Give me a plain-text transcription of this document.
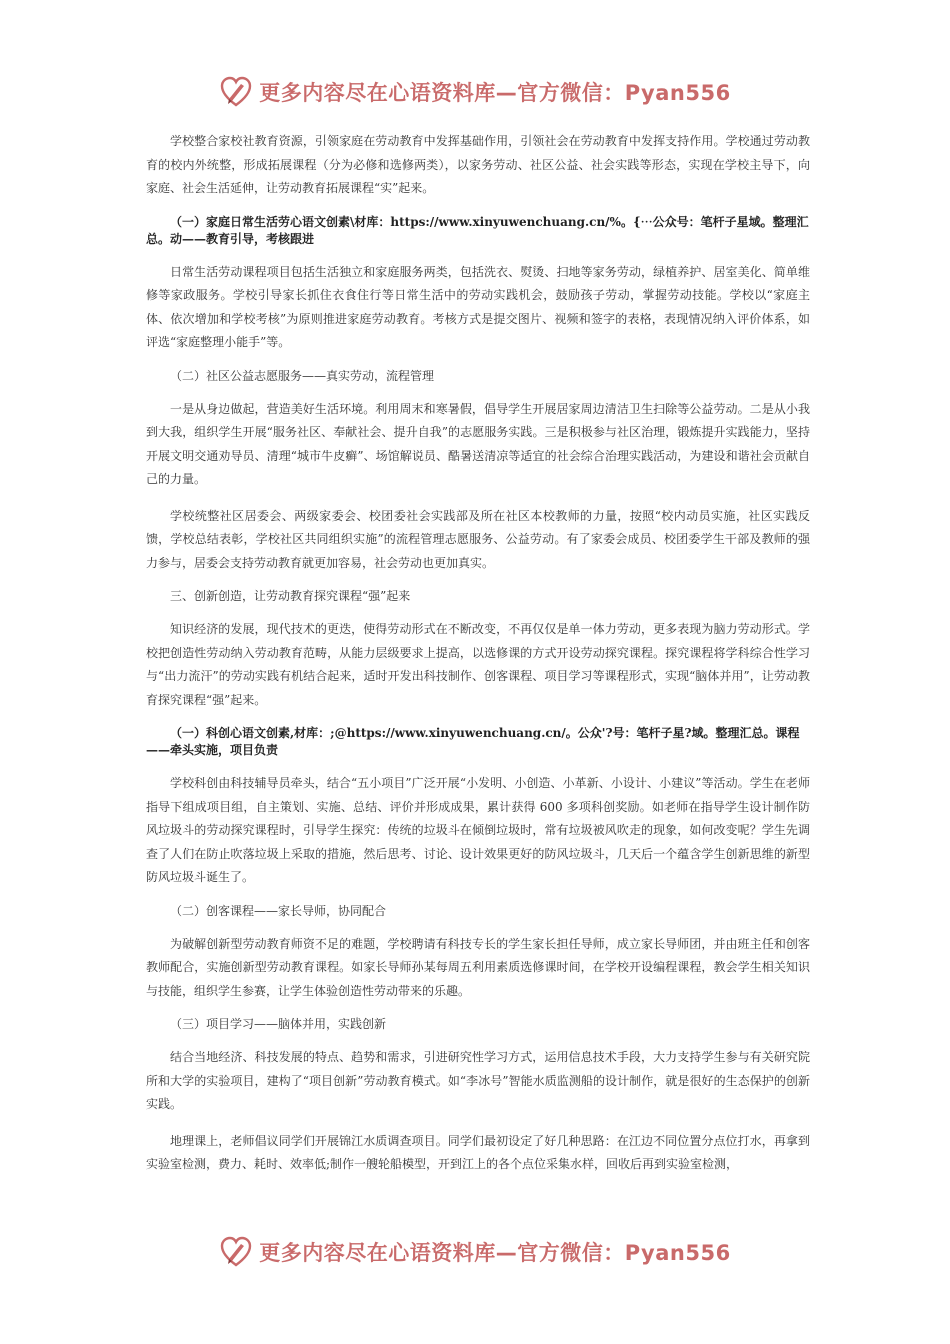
更多内容尽在心语资料库—官方微信：Pyan556
学校整合家校社教育资源，引领家庭在劳动教育中发挥基础作用，引领社会在劳动教育中发挥支持作用。学校通过劳动教育的校内外统整，形成拓展课程（分为必修和选修两类），以家务劳动、社区公益、社会实践等形态，实现在学校主导下，向家庭、社会生活延伸，让劳动教育拓展课程“实”起来。
（一）家庭日常生活劳心语文创素\材库：https://www.xinyuwenchuang.cn/%。{⋯公众号：笔杆子星域。整理汇总。动——教育引导，考核跟进
日常生活劳动课程项目包括生活独立和家庭服务两类，包括洗衣、熨烫、扫地等家务劳动，绿植养护、居室美化、简单维修等家政服务。学校引导家长抓住衣食住行等日常生活中的劳动实践机会，鼓励孩子劳动，掌握劳动技能。学校以“家庭主体、依次增加和学校考核”为原则推进家庭劳动教育。考核方式是提交图片、视频和签字的表格，表现情况纳入评价体系，如评选“家庭整理小能手”等。
（二）社区公益志愿服务——真实劳动，流程管理
一是从身边做起，营造美好生活环境。利用周末和寒暑假，倡导学生开展居家周边清洁卫生扫除等公益劳动。二是从小我到大我，组织学生开展“服务社区、奉献社会、提升自我”的志愿服务实践。三是积极参与社区治理，锻炼提升实践能力，坚持开展文明交通劝导员、清理“城市牛皮癣”、场馆解说员、酷暑送清凉等适宜的社会综合治理实践活动，为建设和谐社会贡献自己的力量。
学校统整社区居委会、两级家委会、校团委社会实践部及所在社区本校教师的力量，按照“校内动员实施，社区实践反馈，学校总结表彰，学校社区共同组织实施”的流程管理志愿服务、公益劳动。有了家委会成员、校团委学生干部及教师的强力参与，居委会支持劳动教育就更加容易，社会劳动也更加真实。
三、创新创造，让劳动教育探究课程“强”起来
知识经济的发展，现代技术的更迭，使得劳动形式在不断改变，不再仅仅是单一体力劳动，更多表现为脑力劳动形式。学校把创造性劳动纳入劳动教育范畴，从能力层级要求上提高，以选修课的方式开设劳动探究课程。探究课程将学科综合性学习与“出力流汗”的劳动实践有机结合起来，适时开发出科技制作、创客课程、项目学习等课程形式，实现“脑体并用”，让劳动教育探究课程“强”起来。
（一）科创心语文创素,材库：;@https://www.xinyuwenchuang.cn/。公众'?号：笔杆子星?域。整理汇总。课程——牵头实施，项目负责
学校科创由科技辅导员牵头，结合“五小项目”广泛开展“小发明、小创造、小革新、小设计、小建议”等活动。学生在老师指导下组成项目组，自主策划、实施、总结、评价并形成成果，累计获得 600 多项科创奖励。如老师在指导学生设计制作防风垃圾斗的劳动探究课程时，引导学生探究：传统的垃圾斗在倾倒垃圾时，常有垃圾被风吹走的现象，如何改变呢？学生先调查了人们在防止吹落垃圾上采取的措施，然后思考、讨论、设计效果更好的防风垃圾斗，几天后一个蕴含学生创新思维的新型防风垃圾斗诞生了。
（二）创客课程——家长导师，协同配合
为破解创新型劳动教育师资不足的难题，学校聘请有科技专长的学生家长担任导师，成立家长导师团，并由班主任和创客教师配合，实施创新型劳动教育课程。如家长导师孙某每周五利用素质选修课时间，在学校开设编程课程，教会学生相关知识与技能，组织学生参赛，让学生体验创造性劳动带来的乐趣。
（三）项目学习——脑体并用，实践创新
结合当地经济、科技发展的特点、趋势和需求，引进研究性学习方式，运用信息技术手段，大力支持学生参与有关研究院所和大学的实验项目，建构了“项目创新”劳动教育模式。如“李冰号”智能水质监测船的设计制作，就是很好的生态保护的创新实践。
地理课上，老师倡议同学们开展锦江水质调查项目。同学们最初设定了好几种思路：在江边不同位置分点位打水，再拿到实验室检测，费力、耗时、效率低;制作一艘轮船模型，开到江上的各个点位采集水样，回收后再到实验室检测，
更多内容尽在心语资料库—官方微信：Pyan556
